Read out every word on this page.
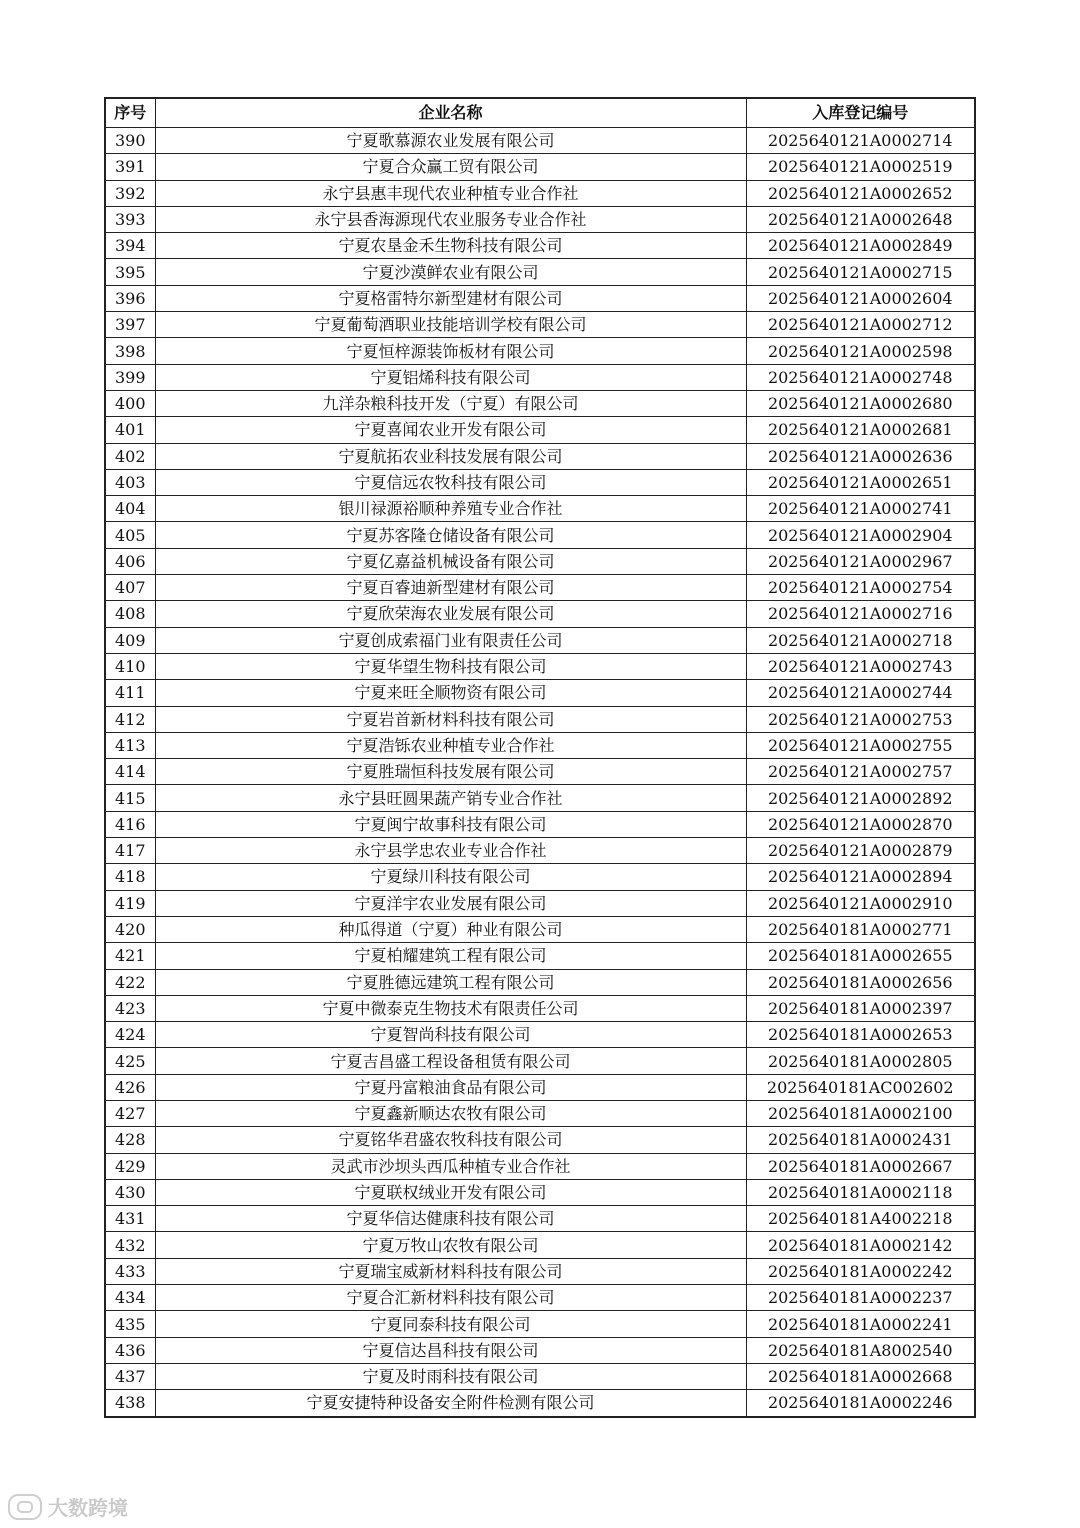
序号	企业名称	入库登记编号
390	宁夏歌慕源农业发展有限公司	2025640121A0002714
391	宁夏合众赢工贸有限公司	2025640121A0002519
392	永宁县惠丰现代农业种植专业合作社	2025640121A0002652
393	永宁县香海源现代农业服务专业合作社	2025640121A0002648
394	宁夏农垦金禾生物科技有限公司	2025640121A0002849
395	宁夏沙漠鲜农业有限公司	2025640121A0002715
396	宁夏格雷特尔新型建材有限公司	2025640121A0002604
397	宁夏葡萄酒职业技能培训学校有限公司	2025640121A0002712
398	宁夏恒梓源装饰板材有限公司	2025640121A0002598
399	宁夏铝烯科技有限公司	2025640121A0002748
400	九洋杂粮科技开发（宁夏）有限公司	2025640121A0002680
401	宁夏喜闻农业开发有限公司	2025640121A0002681
402	宁夏航拓农业科技发展有限公司	2025640121A0002636
403	宁夏信远农牧科技有限公司	2025640121A0002651
404	银川禄源裕顺种养殖专业合作社	2025640121A0002741
405	宁夏苏客隆仓储设备有限公司	2025640121A0002904
406	宁夏亿嘉益机械设备有限公司	2025640121A0002967
407	宁夏百睿迪新型建材有限公司	2025640121A0002754
408	宁夏欣荣海农业发展有限公司	2025640121A0002716
409	宁夏创成索福门业有限责任公司	2025640121A0002718
410	宁夏华望生物科技有限公司	2025640121A0002743
411	宁夏来旺全顺物资有限公司	2025640121A0002744
412	宁夏岩首新材料科技有限公司	2025640121A0002753
413	宁夏浩铄农业种植专业合作社	2025640121A0002755
414	宁夏胜瑞恒科技发展有限公司	2025640121A0002757
415	永宁县旺圆果蔬产销专业合作社	2025640121A0002892
416	宁夏闽宁故事科技有限公司	2025640121A0002870
417	永宁县学忠农业专业合作社	2025640121A0002879
418	宁夏绿川科技有限公司	2025640121A0002894
419	宁夏洋宇农业发展有限公司	2025640121A0002910
420	种瓜得道（宁夏）种业有限公司	2025640181A0002771
421	宁夏柏耀建筑工程有限公司	2025640181A0002655
422	宁夏胜德远建筑工程有限公司	2025640181A0002656
423	宁夏中微泰克生物技术有限责任公司	2025640181A0002397
424	宁夏智尚科技有限公司	2025640181A0002653
425	宁夏吉昌盛工程设备租赁有限公司	2025640181A0002805
426	宁夏丹富粮油食品有限公司	2025640181AC002602
427	宁夏鑫新顺达农牧有限公司	2025640181A0002100
428	宁夏铭华君盛农牧科技有限公司	2025640181A0002431
429	灵武市沙坝头西瓜种植专业合作社	2025640181A0002667
430	宁夏联权绒业开发有限公司	2025640181A0002118
431	宁夏华信达健康科技有限公司	2025640181A4002218
432	宁夏万牧山农牧有限公司	2025640181A0002142
433	宁夏瑞宝威新材料科技有限公司	2025640181A0002242
434	宁夏合汇新材料科技有限公司	2025640181A0002237
435	宁夏同泰科技有限公司	2025640181A0002241
436	宁夏信达昌科技有限公司	2025640181A8002540
437	宁夏及时雨科技有限公司	2025640181A0002668
438	宁夏安捷特种设备安全附件检测有限公司	2025640181A0002246
大数跨境
